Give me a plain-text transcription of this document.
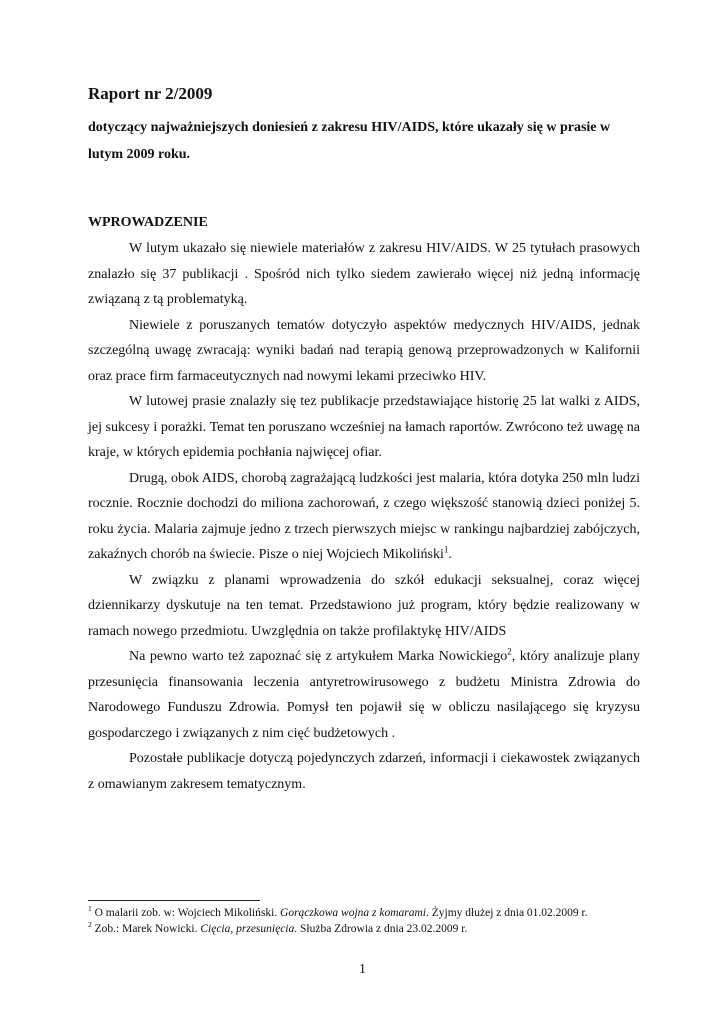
Raport nr 2/2009

dotyczący najważniejszych doniesień z zakresu HIV/AIDS, które ukazały się w prasie w lutym 2009 roku.

WPROWADZENIE

W lutym ukazało się niewiele materiałów z zakresu HIV/AIDS. W 25 tytułach prasowych znalazło się 37 publikacji . Spośród nich tylko siedem zawierało więcej niż jedną informację związaną z tą problematyką.

Niewiele z poruszanych tematów dotyczyło aspektów medycznych HIV/AIDS, jednak szczególną uwagę zwracają: wyniki badań nad terapią genową przeprowadzonych w Kalifornii oraz prace firm farmaceutycznych nad nowymi lekami przeciwko HIV.

W lutowej prasie znalazły się tez publikacje przedstawiające historię 25 lat walki z AIDS, jej sukcesy i porażki. Temat ten poruszano wcześniej na łamach raportów. Zwrócono też uwagę na kraje, w których epidemia pochłania najwięcej ofiar.

Drugą, obok AIDS, chorobą zagrażającą ludzkości jest malaria, która dotyka 250 mln ludzi rocznie. Rocznie dochodzi do miliona zachorowań, z czego większość stanowią dzieci poniżej 5. roku życia. Malaria zajmuje jedno z trzech pierwszych miejsc w rankingu najbardziej zabójczych, zakaźnych chorób na świecie. Pisze o niej Wojciech Mikoliński$^1$.

W związku z planami wprowadzenia do szkół edukacji seksualnej, coraz więcej dziennikarzy dyskutuje na ten temat. Przedstawiono już program, który będzie realizowany w ramach nowego przedmiotu. Uwzględnia on także profilaktykę HIV/AIDS

Na pewno warto też zapoznać się z artykułem Marka Nowickiego$^2$, który analizuje plany przesunięcia finansowania leczenia antyretrowirusowego z budżetu Ministra Zdrowia do Narodowego Funduszu Zdrowia. Pomysł ten pojawił się w obliczu nasilającego się kryzysu gospodarczego i związanych z nim cięć budżetowych .

Pozostałe publikacje dotyczą pojedynczych zdarzeń, informacji i ciekawostek związanych z omawianym zakresem tematycznym.

$^1$ O malarii zob. w: Wojciech Mikoliński. Gorączkowa wojna z komarami. Żyjmy dłużej z dnia 01.02.2009 r.
$^2$ Zob.: Marek Nowicki. Cięcia, przesunięcia. Służba Zdrowia z dnia 23.02.2009 r.
1
